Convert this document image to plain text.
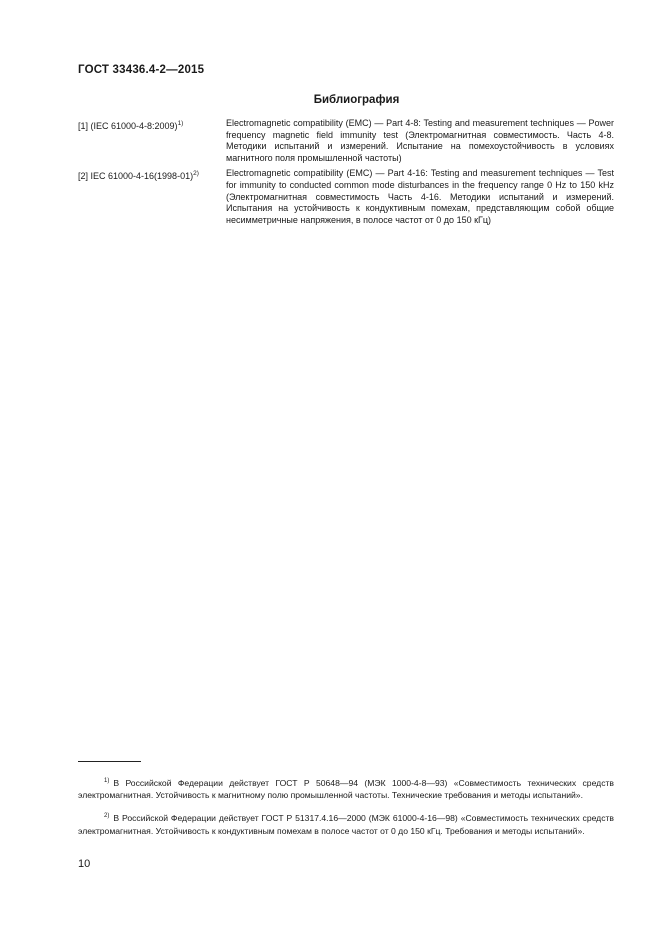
ГОСТ 33436.4-2—2015
Библиография
[1] (IEC 61000-4-8:2009)$^{1)}$	Electromagnetic compatibility (EMC) — Part 4-8: Testing and measurement techniques — Power frequency magnetic field immunity test (Электромагнитная совместимость. Часть 4-8. Методики испытаний и измерений. Испытание на помехоустойчивость в условиях магнитного поля промышленной частоты)
[2] IEC 61000-4-16(1998-01)$^{2)}$	Electromagnetic compatibility (EMC) — Part 4-16: Testing and measurement techniques — Test for immunity to conducted common mode disturbances in the frequency range 0 Hz to 150 kHz (Электромагнитная совместимость Часть 4-16. Методики испытаний и измерений. Испытания на устойчивость к кондуктивным помехам, представляющим собой общие несимметричные напряжения, в полосе частот от 0 до 150 кГц)

$^{1)}$ В Российской Федерации действует ГОСТ Р 50648—94 (МЭК 1000-4-8—93) «Совместимость технических средств электромагнитная. Устойчивость к магнитному полю промышленной частоты. Технические требования и методы испытаний».

$^{2)}$ В Российской Федерации действует ГОСТ Р 51317.4.16—2000 (МЭК 61000-4-16—98) «Совместимость технических средств электромагнитная. Устойчивость к кондуктивным помехам в полосе частот от 0 до 150 кГц. Требования и методы испытаний».

10
